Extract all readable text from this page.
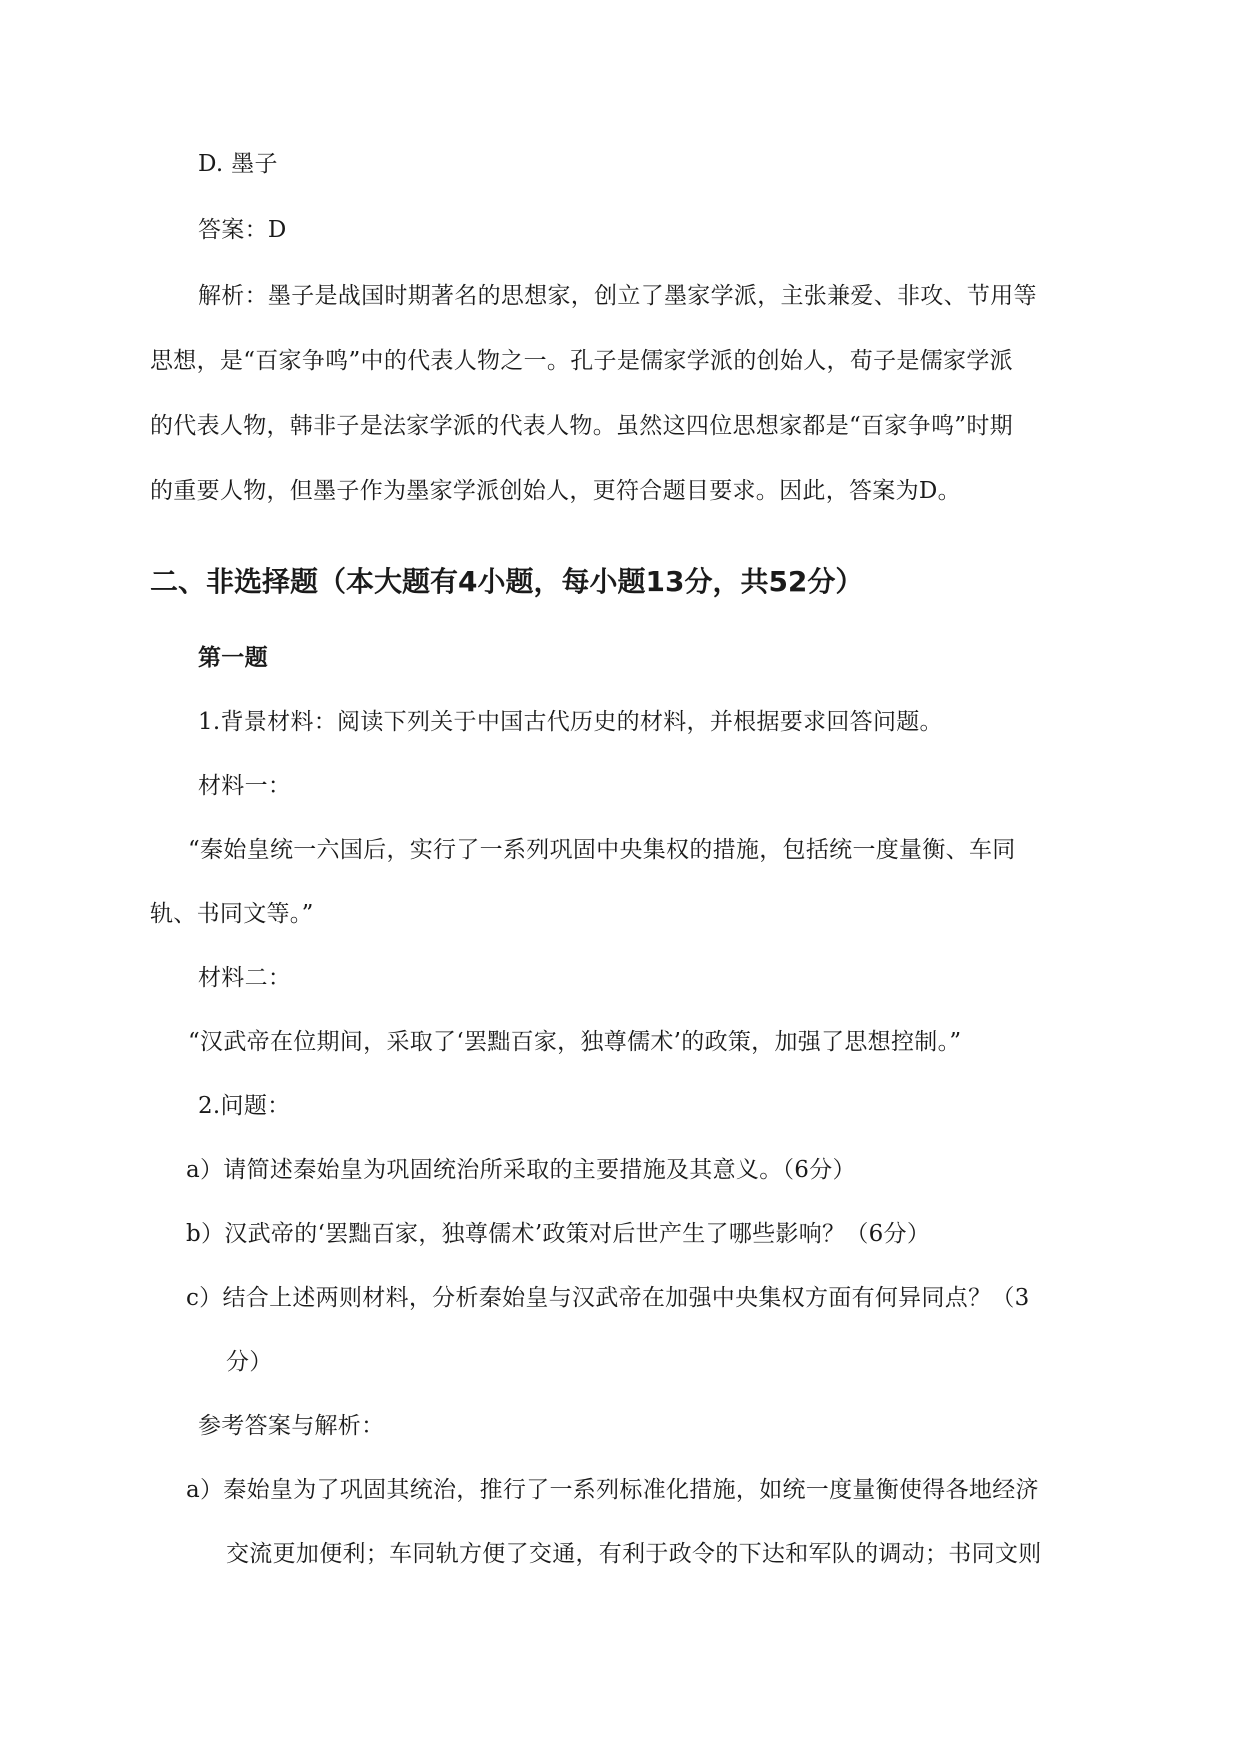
D. 墨子
答案：D
解析：墨子是战国时期著名的思想家，创立了墨家学派，主张兼爱、非攻、节用等
思想，是“百家争鸣”中的代表人物之一。孔子是儒家学派的创始人，荀子是儒家学派
的代表人物，韩非子是法家学派的代表人物。虽然这四位思想家都是“百家争鸣”时期
的重要人物，但墨子作为墨家学派创始人，更符合题目要求。因此，答案为D。
二、非选择题（本大题有4小题，每小题13分，共52分）
第一题
1.背景材料：阅读下列关于中国古代历史的材料，并根据要求回答问题。
材料一：
“秦始皇统一六国后，实行了一系列巩固中央集权的措施，包括统一度量衡、车同
轨、书同文等。”
材料二：
“汉武帝在位期间，采取了‘罢黜百家，独尊儒术’的政策，加强了思想控制。”
2.问题：
a）请简述秦始皇为巩固统治所采取的主要措施及其意义。（6分）
b）汉武帝的‘罢黜百家，独尊儒术’政策对后世产生了哪些影响？（6分）
c）结合上述两则材料，分析秦始皇与汉武帝在加强中央集权方面有何异同点？（3
分）
参考答案与解析：
a）秦始皇为了巩固其统治，推行了一系列标准化措施，如统一度量衡使得各地经济
交流更加便利；车同轨方便了交通，有利于政令的下达和军队的调动；书同文则
